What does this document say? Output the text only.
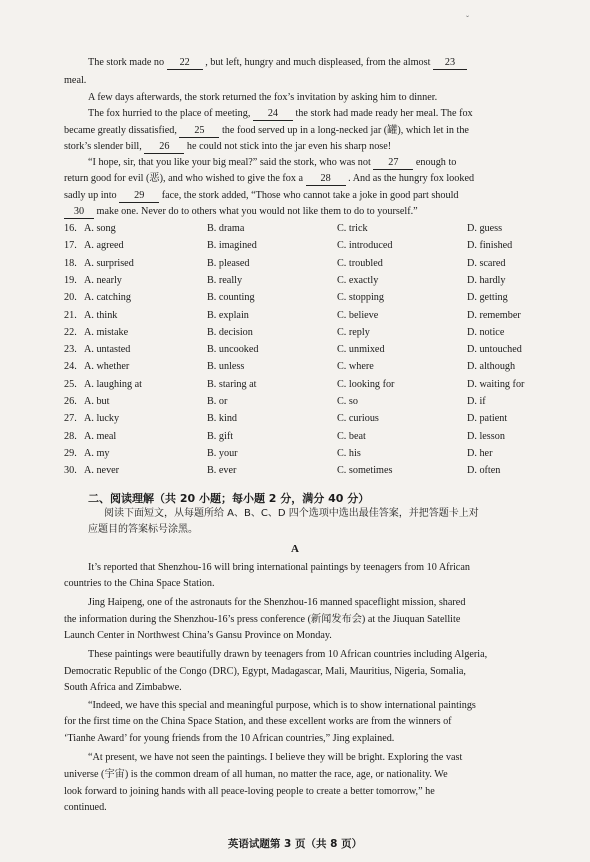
ˇ
The stork made no 22 , but left, hungry and much displeased, from the almost 23
meal.
A few days afterwards, the stork returned the fox’s invitation by asking him to dinner.
The fox hurried to the place of meeting, 24 the stork had made ready her meal. The fox
became greatly dissatisfied, 25 the food served up in a long-necked jar (罐), which let in the
stork’s slender bill, 26 he could not stick into the jar even his sharp nose!
“I hope, sir, that you like your big meal?” said the stork, who was not 27 enough to
return good for evil (恶), and who wished to give the fox a 28 . And as the hungry fox looked
sadly up into 29 face, the stork added, “Those who cannot take a joke in good part should
30 make one. Never do to others what you would not like them to do to yourself.”
16. A. song	B. drama	C. trick	D. guess
17. A. agreed	B. imagined	C. introduced	D. finished
18. A. surprised	B. pleased	C. troubled	D. scared
19. A. nearly	B. really	C. exactly	D. hardly
20. A. catching	B. counting	C. stopping	D. getting
21. A. think	B. explain	C. believe	D. remember
22. A. mistake	B. decision	C. reply	D. notice
23. A. untasted	B. uncooked	C. unmixed	D. untouched
24. A. whether	B. unless	C. where	D. although
25. A. laughing at	B. staring at	C. looking for	D. waiting for
26. A. but	B. or	C. so	D. if
27. A. lucky	B. kind	C. curious	D. patient
28. A. meal	B. gift	C. beat	D. lesson
29. A. my	B. your	C. his	D. her
30. A. never	B. ever	C. sometimes	D. often
二、阅读理解（共 20 小题；每小题 2 分，满分 40 分）
阅读下面短文，从每题所给 A、B、C、D 四个选项中选出最佳答案，并把答题卡上对
应题目的答案标号涂黑。
A
It’s reported that Shenzhou-16 will bring international paintings by teenagers from 10 African
countries to the China Space Station.
Jing Haipeng, one of the astronauts for the Shenzhou-16 manned spaceflight mission, shared
the information during the Shenzhou-16’s press conference (新闻发布会) at the Jiuquan Satellite
Launch Center in Northwest China’s Gansu Province on Monday.
These paintings were beautifully drawn by teenagers from 10 African countries including Algeria,
Democratic Republic of the Congo (DRC), Egypt, Madagascar, Mali, Mauritius, Nigeria, Somalia,
South Africa and Zimbabwe.
“Indeed, we have this special and meaningful purpose, which is to show international paintings
for the first time on the China Space Station, and these excellent works are from the winners of
‘Tianhe Award’ for young friends from the 10 African countries,” Jing explained.
“At present, we have not seen the paintings. I believe they will be bright. Exploring the vast
universe (宇宙) is the common dream of all human, no matter the race, age, or nationality. We
look forward to joining hands with all peace-loving people to create a better tomorrow,” he
continued.
英语试题第 3 页（共 8 页）
